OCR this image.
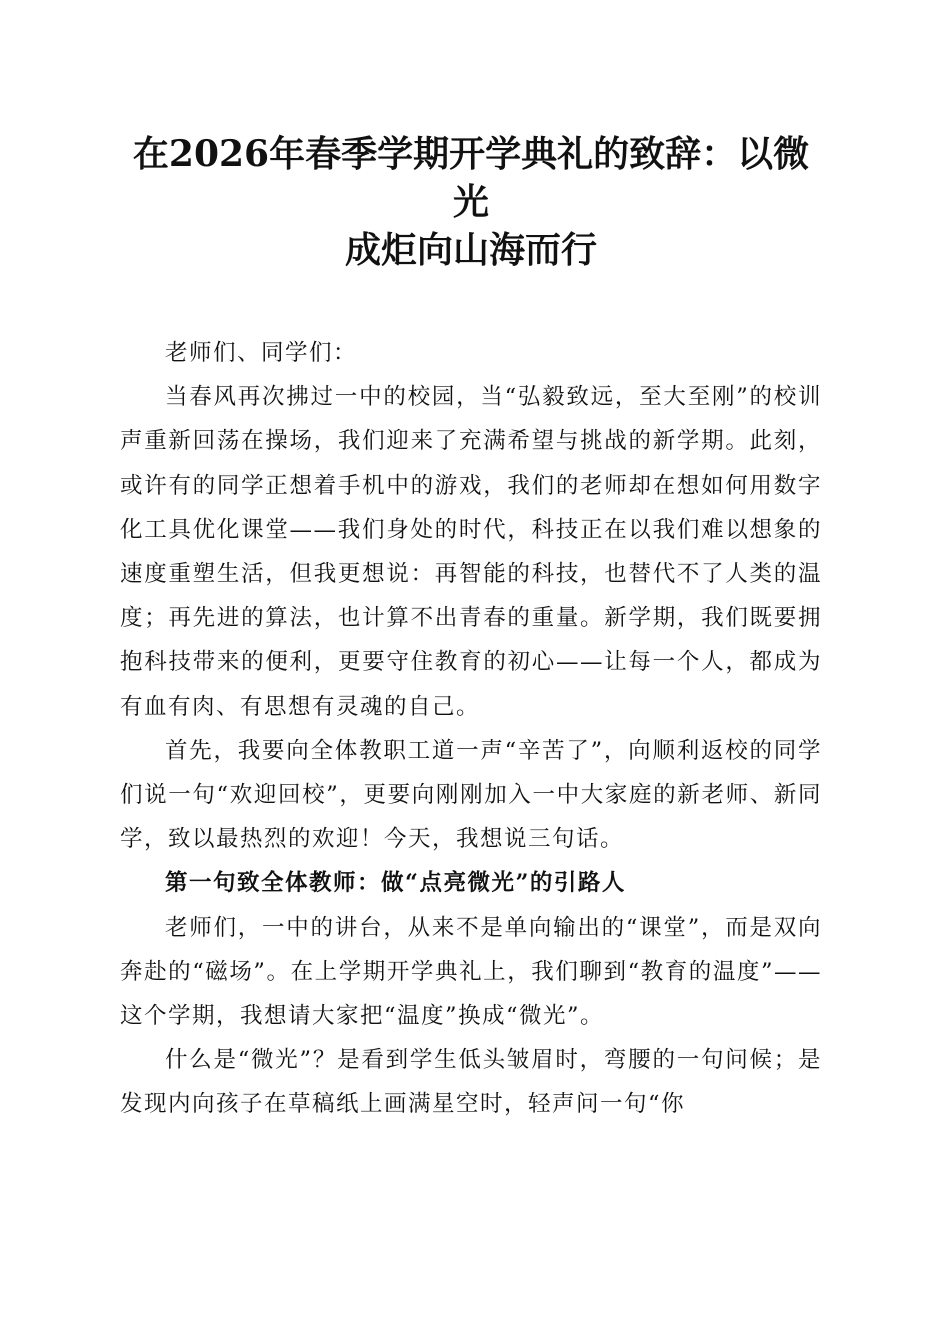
在2026年春季学期开学典礼的致辞：以微光
成炬向山海而行

老师们、同学们：

当春风再次拂过一中的校园，当“弘毅致远，至大至刚”的校训声重新回荡在操场，我们迎来了充满希望与挑战的新学期。此刻，或许有的同学正想着手机中的游戏，我们的老师却在想如何用数字化工具优化课堂——我们身处的时代，科技正在以我们难以想象的速度重塑生活，但我更想说：再智能的科技，也替代不了人类的温度；再先进的算法，也计算不出青春的重量。新学期，我们既要拥抱科技带来的便利，更要守住教育的初心——让每一个人，都成为有血有肉、有思想有灵魂的自己。

首先，我要向全体教职工道一声“辛苦了”，向顺利返校的同学们说一句“欢迎回校”，更要向刚刚加入一中大家庭的新老师、新同学，致以最热烈的欢迎！今天，我想说三句话。

第一句致全体教师：做“点亮微光”的引路人

老师们，一中的讲台，从来不是单向输出的“课堂”，而是双向奔赴的“磁场”。在上学期开学典礼上，我们聊到“教育的温度”——这个学期，我想请大家把“温度”换成“微光”。

什么是“微光”？是看到学生低头皱眉时，弯腰的一句问候；是发现内向孩子在草稿纸上画满星空时，轻声问一句“你
